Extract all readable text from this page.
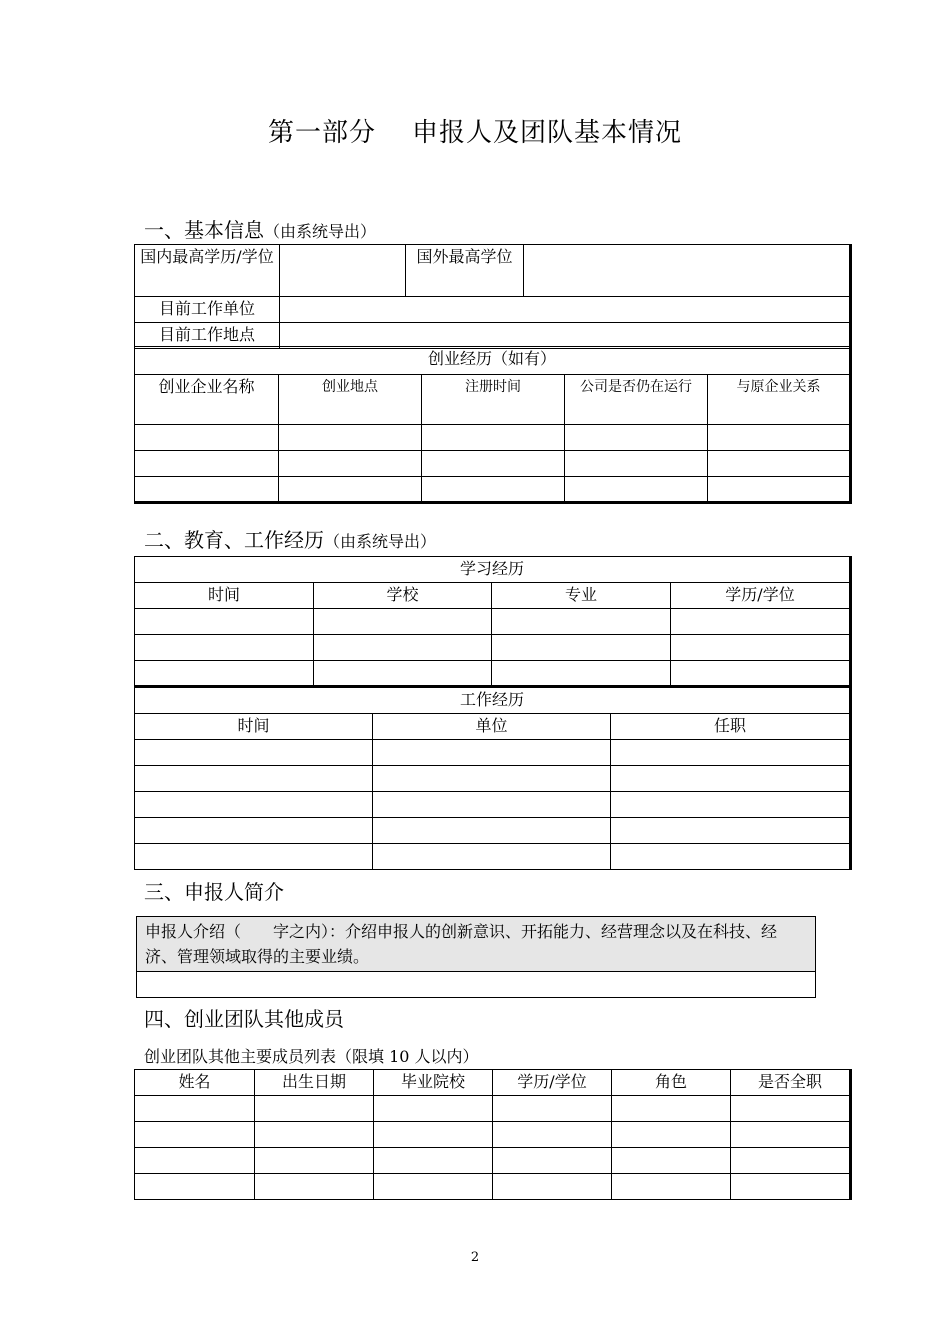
第一部分 申报人及团队基本情况
一、基本信息（由系统导出）
国内最高学历/学位		国外最高学位	
目前工作单位			
目前工作地点			
创业经历（如有）				
创业企业名称	创业地点	注册时间	公司是否仍在运行	与原企业关系

二、教育、工作经历（由系统导出）
学习经历			
时间	学校	专业	学历/学位

工作经历		
时间	单位	任职

三、申报人简介
申报人介绍（　　字之内）：介绍申报人的创新意识、开拓能力、经营理念以及在科技、经济、管理领域取得的主要业绩。

四、创业团队其他成员
创业团队其他主要成员列表（限填 10 人以内）
姓名	出生日期	毕业院校	学历/学位	角色	是否全职

2
